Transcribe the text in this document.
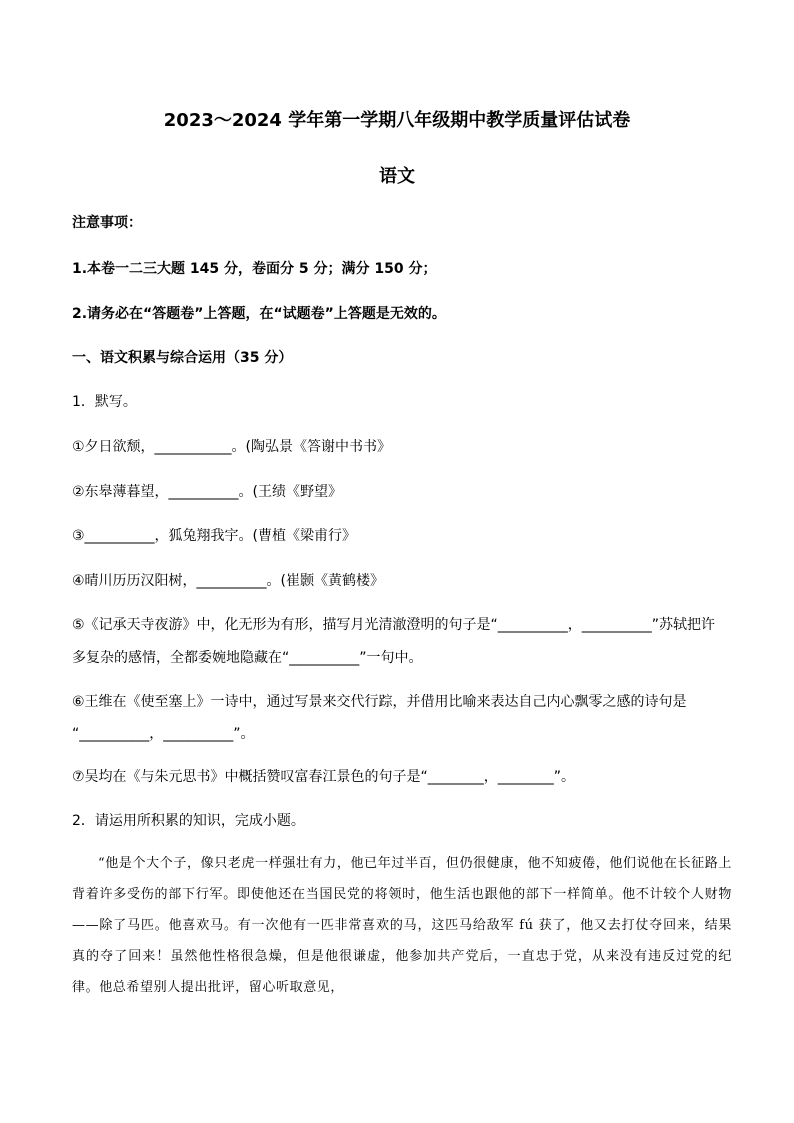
2023～2024 学年第一学期八年级期中教学质量评估试卷
语文
注意事项：
1.本卷一二三大题 145 分，卷面分 5 分；满分 150 分；
2.请务必在“答题卷”上答题，在“试题卷”上答题是无效的。
一、语文积累与综合运用（35 分）
1．默写。
①夕日欲颓，___________。(陶弘景《答谢中书书》
②东皋薄暮望，__________。(王绩《野望》
③__________，狐兔翔我宇。(曹植《梁甫行》
④晴川历历汉阳树，__________。(崔颢《黄鹤楼》
⑤《记承天寺夜游》中，化无形为有形，描写月光清澈澄明的句子是“__________，__________”苏轼把许
多复杂的感情，全都委婉地隐藏在“__________”一句中。
⑥王维在《使至塞上》一诗中，通过写景来交代行踪，并借用比喻来表达自己内心飘零之感的诗句是
“__________，__________”。
⑦吴均在《与朱元思书》中概括赞叹富春江景色的句子是“________，________”。
2．请运用所积累的知识，完成小题。

“他是个大个子，像只老虎一样强壮有力，他已年过半百，但仍很健康，他不知疲倦，他们说他在长征路上背着许多受伤的部下行军。即使他还在当国民党的将领时，他生活也跟他的部下一样简单。他不计较个人财物——除了马匹。他喜欢马。有一次他有一匹非常喜欢的马，这匹马给敌军 fú 获了，他又去打仗夺回来，结果真的夺了回来！虽然他性格很急燥，但是他很谦虚，他参加共产党后，一直忠于党，从来没有违反过党的纪律。他总希望别人提出批评，留心听取意见，
